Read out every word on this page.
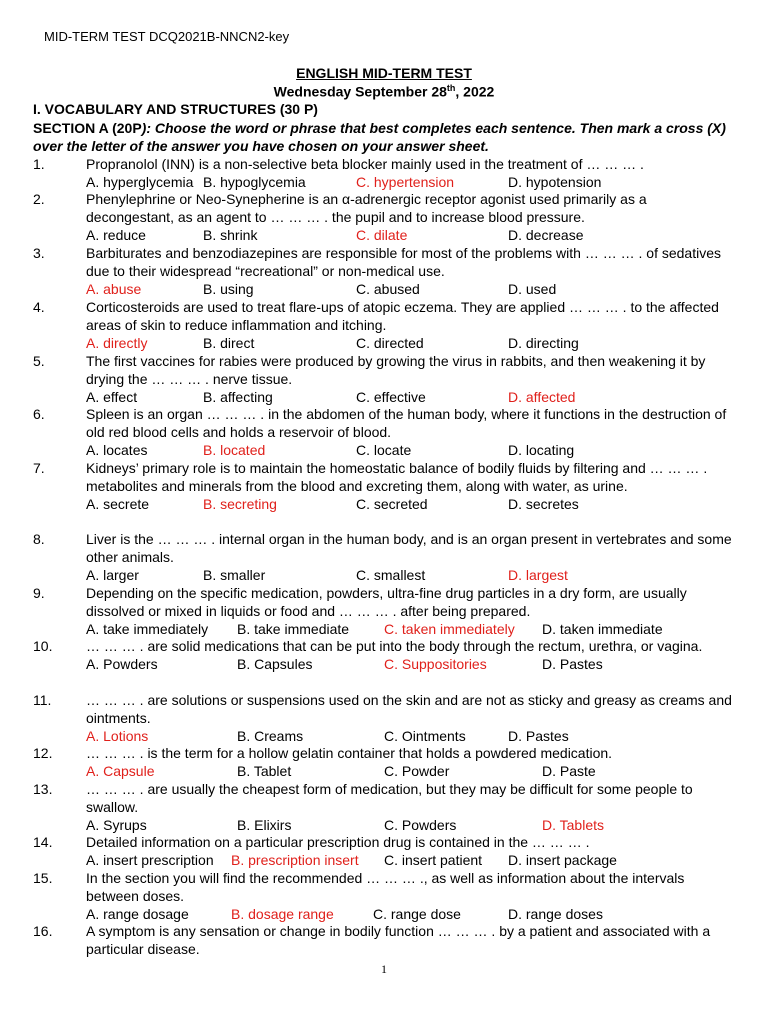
MID-TERM TEST DCQ2021B-NNCN2-key
ENGLISH MID-TERM TEST
Wednesday September 28th, 2022
I. VOCABULARY AND STRUCTURES (30 P)
SECTION A (20P): Choose the word or phrase that best completes each sentence. Then mark a cross (X) over the letter of the answer you have chosen on your answer sheet.
1.	Propranolol (INN) is a non-selective beta blocker mainly used in the treatment of … … … .
A. hyperglycemia B. hypoglycemia	C. hypertension	D. hypotension
2.	Phenylephrine or Neo-Synepherine is an α-adrenergic receptor agonist used primarily as a decongestant, as an agent to … … … . the pupil and to increase blood pressure.
A. reduce	B. shrink	C. dilate	D. decrease
3.	Barbiturates and benzodiazepines are responsible for most of the problems with … … … . of sedatives due to their widespread “recreational” or non-medical use.
A. abuse	B. using	C. abused	D. used
4.	Corticosteroids are used to treat flare-ups of atopic eczema. They are applied … … … . to the affected areas of skin to reduce inflammation and itching.
A. directly	B. direct	C. directed	D. directing
5.	The first vaccines for rabies were produced by growing the virus in rabbits, and then weakening it by drying the … … … . nerve tissue.
A. effect	B. affecting	C. effective	D. affected
6.	Spleen is an organ … … … . in the abdomen of the human body, where it functions in the destruction of old red blood cells and holds a reservoir of blood.
A. locates	B. located	C. locate	D. locating
7.	Kidneys’ primary role is to maintain the homeostatic balance of bodily fluids by filtering and … … … . metabolites and minerals from the blood and excreting them, along with water, as urine.
A. secrete	B. secreting	C. secreted	D. secretes
8.	Liver is the … … … . internal organ in the human body, and is an organ present in vertebrates and some other animals.
A. larger	B. smaller	C. smallest	D. largest
9.	Depending on the specific medication, powders, ultra-fine drug particles in a dry form, are usually dissolved or mixed in liquids or food and … … … . after being prepared.
A. take immediately B. take immediate C. taken immediately D. taken immediate
10. … … … . are solid medications that can be put into the body through the rectum, urethra, or vagina.
A. Powders	B. Capsules	C. Suppositories	D. Pastes
11. … … … . are solutions or suspensions used on the skin and are not as sticky and greasy as creams and ointments.
A. Lotions	B. Creams	C. Ointments	D. Pastes
12. … … … . is the term for a hollow gelatin container that holds a powdered medication.
A. Capsule	B. Tablet	C. Powder	D. Paste
13. … … … . are usually the cheapest form of medication, but they may be difficult for some people to swallow.
A. Syrups	B. Elixirs	C. Powders	D. Tablets
14. Detailed information on a particular prescription drug is contained in the … … … .
A. insert prescription B. prescription insert C. insert patient D. insert package
15. In the section you will find the recommended … … … ., as well as information about the intervals between doses.
A. range dosage	B. dosage range	C. range dose	D. range doses
16. A symptom is any sensation or change in bodily function … … … . by a patient and associated with a particular disease.
1
